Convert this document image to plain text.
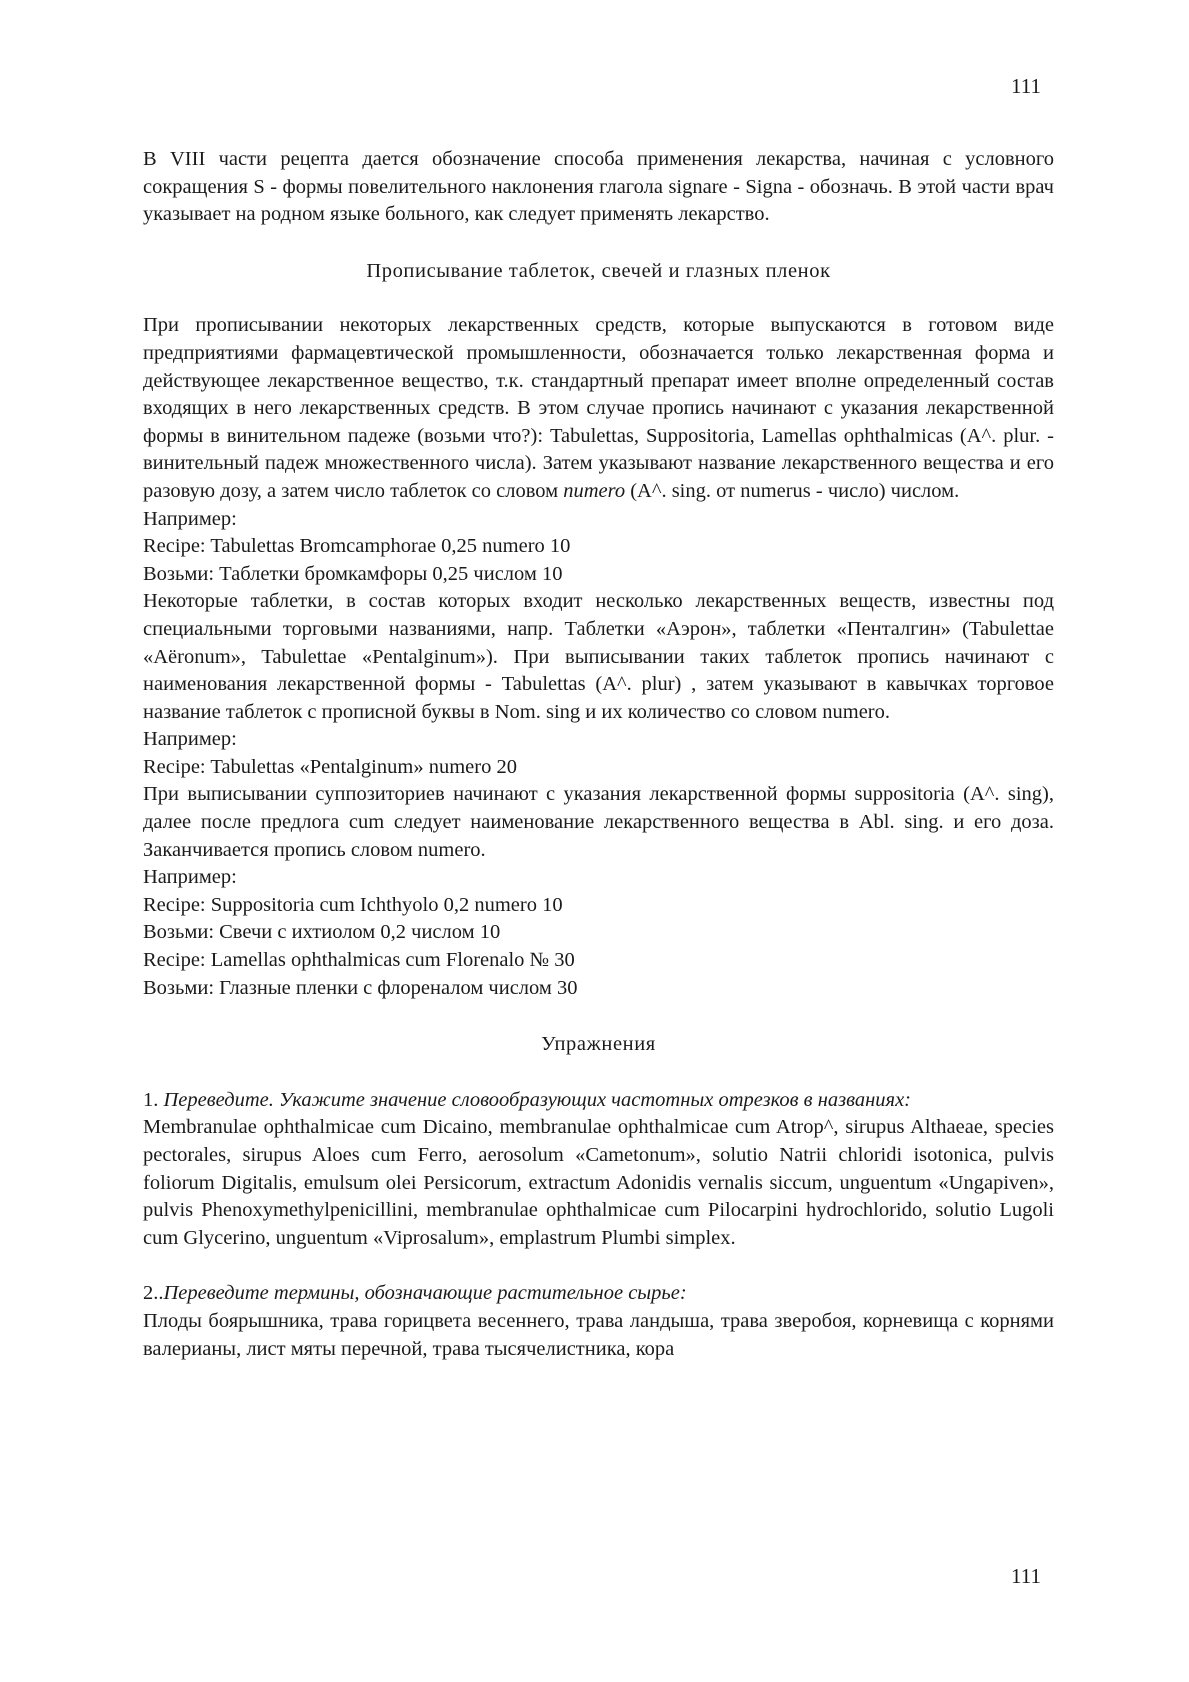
111

В VIII части рецепта дается обозначение способа применения лекарства, начиная с условного сокращения S - формы повелительного наклонения глагола signare - Signa - обозначь. В этой части врач указывает на родном языке больного, как следует применять лекарство.

Прописывание таблеток, свечей и глазных пленок

При прописывании некоторых лекарственных средств, которые выпускаются в готовом виде предприятиями фармацевтической промышленности, обозначается только лекарственная форма и действующее лекарственное вещество, т.к. стандартный препарат имеет вполне определенный состав входящих в него лекарственных средств. В этом случае пропись начинают с указания лекарственной формы в винительном падеже (возьми что?): Tabulettas, Suppositoria, Lamellas ophthalmicas (A^. plur. - винительный падеж множественного числа). Затем указывают название лекарственного вещества и его разовую дозу, а затем число таблеток со словом numero (A^. sing. от numerus - число) числом.

Например:

Recipe: Tabulettas Bromcamphorae 0,25 numero 10

Возьми: Таблетки бромкамфоры 0,25 числом 10

Некоторые таблетки, в состав которых входит несколько лекарственных веществ, известны под специальными торговыми названиями, напр. Таблетки «Аэрон», таблетки «Пенталгин» (Tabulettae «Aëronum», Tabulettae «Pentalginum»). При выписывании таких таблеток пропись начинают с наименования лекарственной формы - Tabulettas (A^. plur) , затем указывают в кавычках торговое название таблеток с прописной буквы в Nom. sing и их количество со словом numero.

Например:

Recipe: Tabulettas «Pentalginum» numero 20

При выписывании суппозиториев начинают с указания лекарственной формы suppositoria (A^. sing), далее после предлога cum следует наименование лекарственного вещества в Abl. sing. и его доза. Заканчивается пропись словом numero.

Например:

Recipe: Suppositoria cum Ichthyolo 0,2 numero 10

Возьми: Свечи с ихтиолом 0,2 числом 10

Recipe: Lamellas ophthalmicas cum Florenalo № 30

Возьми: Глазные пленки с флореналом числом 30

Упражнения

1. Переведите. Укажите значение словообразующих частотных отрезков в названиях:

Membranulae ophthalmicae cum Dicaino, membranulae ophthalmicae cum Atrop^, sirupus Althaeae, species pectorales, sirupus Aloes cum Ferro, aerosolum «Cametonum», solutio Natrii chloridi isotonica, pulvis foliorum Digitalis, emulsum olei Persicorum, extractum Adonidis vernalis siccum, unguentum «Ungapiven», pulvis Phenoxymethylpenicillini, membranulae ophthalmicae cum Pilocarpini hydrochlorido, solutio Lugoli cum Glycerino, unguentum «Viprosalum», emplastrum Plumbi simplex.

2..Переведите термины, обозначающие растительное сырье:

Плоды боярышника, трава горицвета весеннего, трава ландыша, трава зверобоя, корневища с корнями валерианы, лист мяты перечной, трава тысячелистника, кора

111
